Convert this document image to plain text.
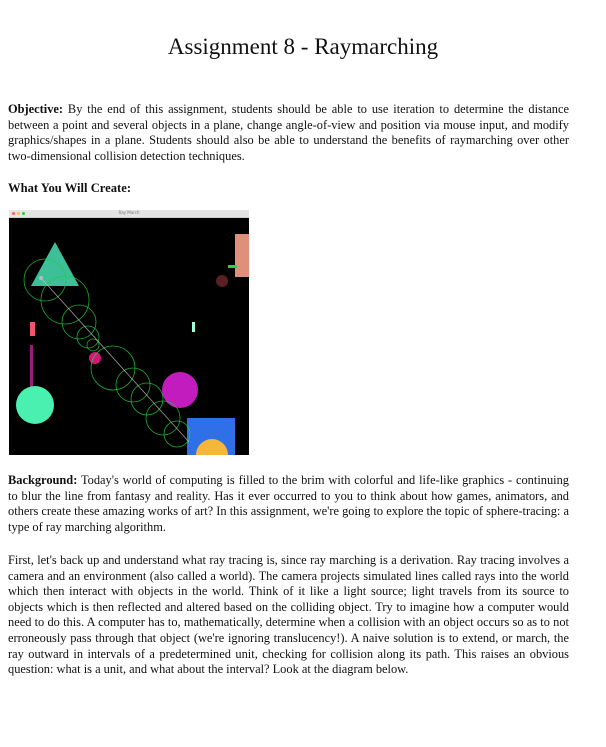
Assignment 8 - Raymarching

Objective: By the end of this assignment, students should be able to use iteration to determine the distance between a point and several objects in a plane, change angle-of-view and position via mouse input, and modify graphics/shapes in a plane. Students should also be able to understand the benefits of raymarching over other two-dimensional collision detection techniques.

What You Will Create:

Ray March

Background: Today's world of computing is filled to the brim with colorful and life-like graphics - continuing to blur the line from fantasy and reality. Has it ever occurred to you to think about how games, animators, and others create these amazing works of art? In this assignment, we're going to explore the topic of sphere-tracing: a type of ray marching algorithm.

First, let's back up and understand what ray tracing is, since ray marching is a derivation. Ray tracing involves a camera and an environment (also called a world). The camera projects simulated lines called rays into the world which then interact with objects in the world. Think of it like a light source; light travels from its source to objects which is then reflected and altered based on the colliding object. Try to imagine how a computer would need to do this. A computer has to, mathematically, determine when a collision with an object occurs so as to not erroneously pass through that object (we're ignoring translucency!). A naive solution is to extend, or march, the ray outward in intervals of a predetermined unit, checking for collision along its path. This raises an obvious question: what is a unit, and what about the interval? Look at the diagram below.
